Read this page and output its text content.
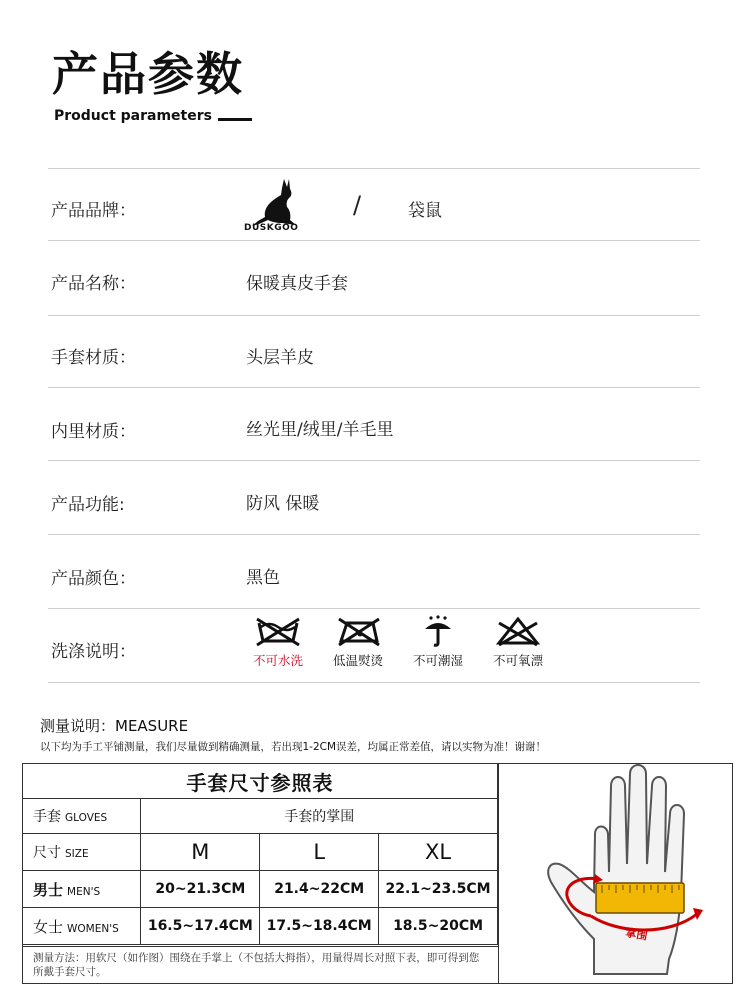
产品参数
Product parameters
产品品牌：
DUSKGOO
/	袋鼠
产品名称：	保暖真皮手套
手套材质：	头层羊皮
内里材质：	丝光里/绒里/羊毛里
产品功能:	防风 保暖
产品颜色：	黑色
洗涤说明：	不可水洗	低温熨烫	不可潮湿	不可氧漂
测量说明：MEASURE
以下均为手工平铺测量，我们尽量做到精确测量，若出现1-2CM误差，均属正常差值，请以实物为准！谢谢！
手套尺寸参照表			
手套 GLOVES	手套的掌围		
尺寸 SIZE	M	L	XL
男士 MEN'S	20~21.3CM	21.4~22CM	22.1~23.5CM
女士 WOMEN'S	16.5~17.4CM	17.5~18.4CM	18.5~20CM
测量方法：用软尺（如作图）围绕在手掌上（不包括大拇指），用量得周长对照下表，即可得到您所戴手套尺寸。
掌围
